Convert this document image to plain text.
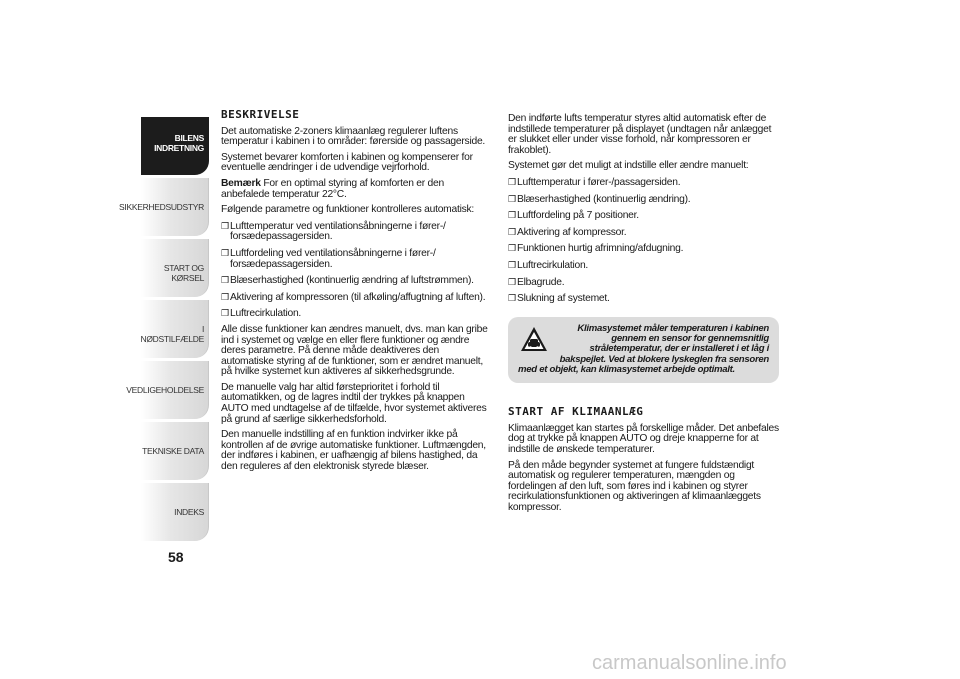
BILENS
INDRETNING
SIKKERHEDSUDSTYR
START OG KØRSEL
I NØDSTILFÆLDE
VEDLIGEHOLDELSE
TEKNISKE DATA
INDEKS
58
BESKRIVELSE

Det automatiske 2-zoners klimaanlæg regulerer luftens temperatur i kabinen i to områder: førerside og passagerside.

Systemet bevarer komforten i kabinen og kompenserer for eventuelle ændringer i de udvendige vejrforhold.

Bemærk For en optimal styring af komforten er den anbefalede temperatur 22°C.

Følgende parametre og funktioner kontrolleres automatisk:

❒Lufttemperatur ved ventilationsåbningerne i fører-/ forsædepassagersiden.
❒Luftfordeling ved ventilationsåbningerne i fører-/ forsædepassagersiden.
❒Blæserhastighed (kontinuerlig ændring af luftstrømmen).
❒Aktivering af kompressoren (til afkøling/affugtning af luften).
❒Luftrecirkulation.

Alle disse funktioner kan ændres manuelt, dvs. man kan gribe ind i systemet og vælge en eller flere funktioner og ændre deres parametre. På denne måde deaktiveres den automatiske styring af de funktioner, som er ændret manuelt, på hvilke systemet kun aktiveres af sikkerhedsgrunde.

De manuelle valg har altid førsteprioritet i forhold til automatikken, og de lagres indtil der trykkes på knappen AUTO med undtagelse af de tilfælde, hvor systemet aktiveres på grund af særlige sikkerhedsforhold.

Den manuelle indstilling af en funktion indvirker ikke på kontrollen af de øvrige automatiske funktioner. Luftmængden, der indføres i kabinen, er uafhængig af bilens hastighed, da den reguleres af den elektronisk styrede blæser.

Den indførte lufts temperatur styres altid automatisk efter de indstillede temperaturer på displayet (undtagen når anlægget er slukket eller under visse forhold, når kompressoren er frakoblet).

Systemet gør det muligt at indstille eller ændre manuelt:

❒Lufttemperatur i fører-/passagersiden.
❒Blæserhastighed (kontinuerlig ændring).
❒Luftfordeling på 7 positioner.
❒Aktivering af kompressor.
❒Funktionen hurtig afrimning/afdugning.
❒Luftrecirkulation.
❒Elbagrude.
❒Slukning af systemet.
Klimasystemet måler temperaturen i kabinen gennem en sensor for gennemsnitlig stråletemperatur, der er installeret i et låg i bakspejlet. Ved at blokere lyskeglen fra sensoren
med et objekt, kan klimasystemet arbejde optimalt.
START AF KLIMAANLÆG

Klimaanlægget kan startes på forskellige måder. Det anbefales dog at trykke på knappen AUTO og dreje knapperne for at indstille de ønskede temperaturer.

På den måde begynder systemet at fungere fuldstændigt automatisk og regulerer temperaturen, mængden og fordelingen af den luft, som føres ind i kabinen og styrer recirkulationsfunktionen og aktiveringen af klimaanlæggets kompressor.

carmanualsonline.info
